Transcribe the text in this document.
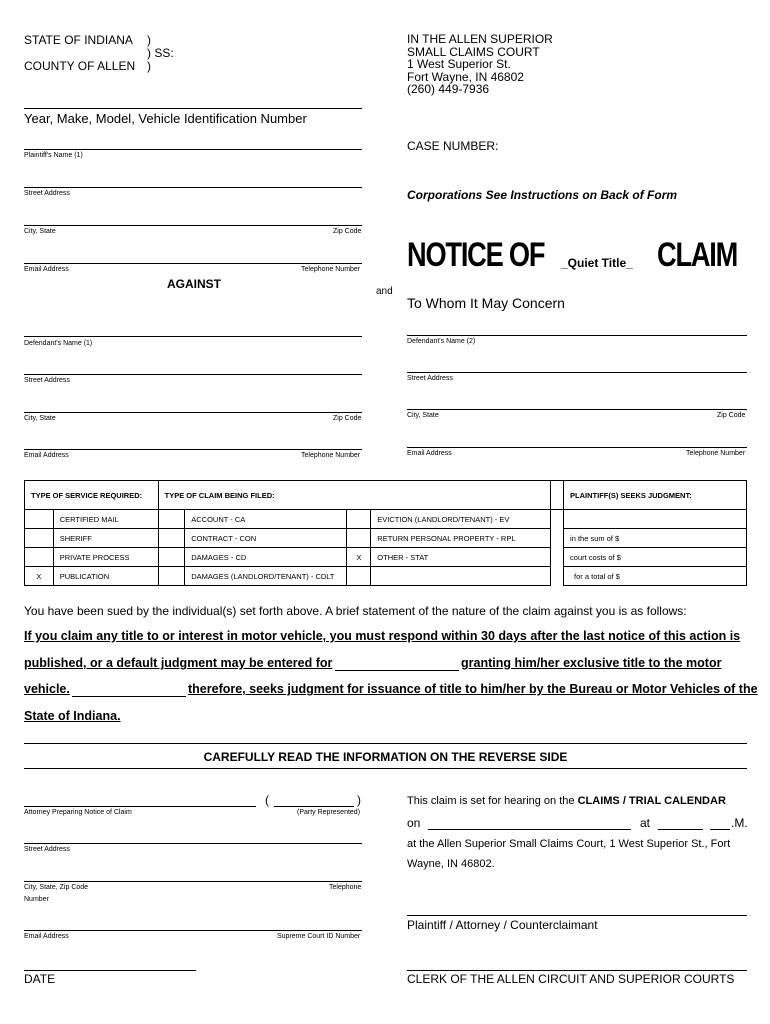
STATE OF INDIANA
COUNTY OF ALLEN
)
) SS:
)
IN THE ALLEN SUPERIOR
SMALL CLAIMS COURT
1 West Superior St.
Fort Wayne, IN 46802
(260) 449-7936
Year, Make, Model, Vehicle Identification Number
Plaintiff's Name (1)
Street Address
City, State	Zip Code
Email Address	Telephone Number
AGAINST
CASE NUMBER:
Corporations See Instructions on Back of Form
NOTICE OF	_Quiet Title_ CLAIM
and
To Whom It May Concern
Defendant's Name (1)
Street Address
City, State	Zip Code
Email Address	Telephone Number
Defendant's Name (2)
Street Address
City, State	Zip Code
Email Address	Telephone Number
TYPE OF SERVICE REQUIRED:		TYPE OF CLAIM BEING FILED:					PLAINTIFF(S) SEEKS JUDGMENT:
	CERTIFIED MAIL		ACCOUNT - CA		EVICTION (LANDLORD/TENANT) - EV		
	SHERIFF		CONTRACT - CON		RETURN PERSONAL PROPERTY - RPL		in the sum of $
	PRIVATE PROCESS		DAMAGES - CD	X	OTHER - STAT		court costs of $
X	PUBLICATION		DAMAGES (LANDLORD/TENANT) - CDLT				for a total of $
You have been sued by the individual(s) set forth above. A brief statement of the nature of the claim against you is as follows:
If you claim any title to or interest in motor vehicle, you must respond within 30 days after the last notice of this action is
published, or a default judgment may be entered for	granting him/her exclusive title to the motor
vehicle.	therefore, seeks judgment for issuance of title to him/her by the Bureau or Motor Vehicles of the
State of Indiana.
CAREFULLY READ THE INFORMATION ON THE REVERSE SIDE
(	)
Attorney Preparing Notice of Claim	(Party Represented)
Street Address
City, State, Zip Code	Telephone
Number
Email Address	Supreme Court ID Number
DATE
This claim is set for hearing on the CLAIMS / TRIAL CALENDAR
on	at	.M.
at the Allen Superior Small Claims Court, 1 West Superior St., Fort
Wayne, IN 46802.
Plaintiff / Attorney / Counterclaimant
CLERK OF THE ALLEN CIRCUIT AND SUPERIOR COURTS
